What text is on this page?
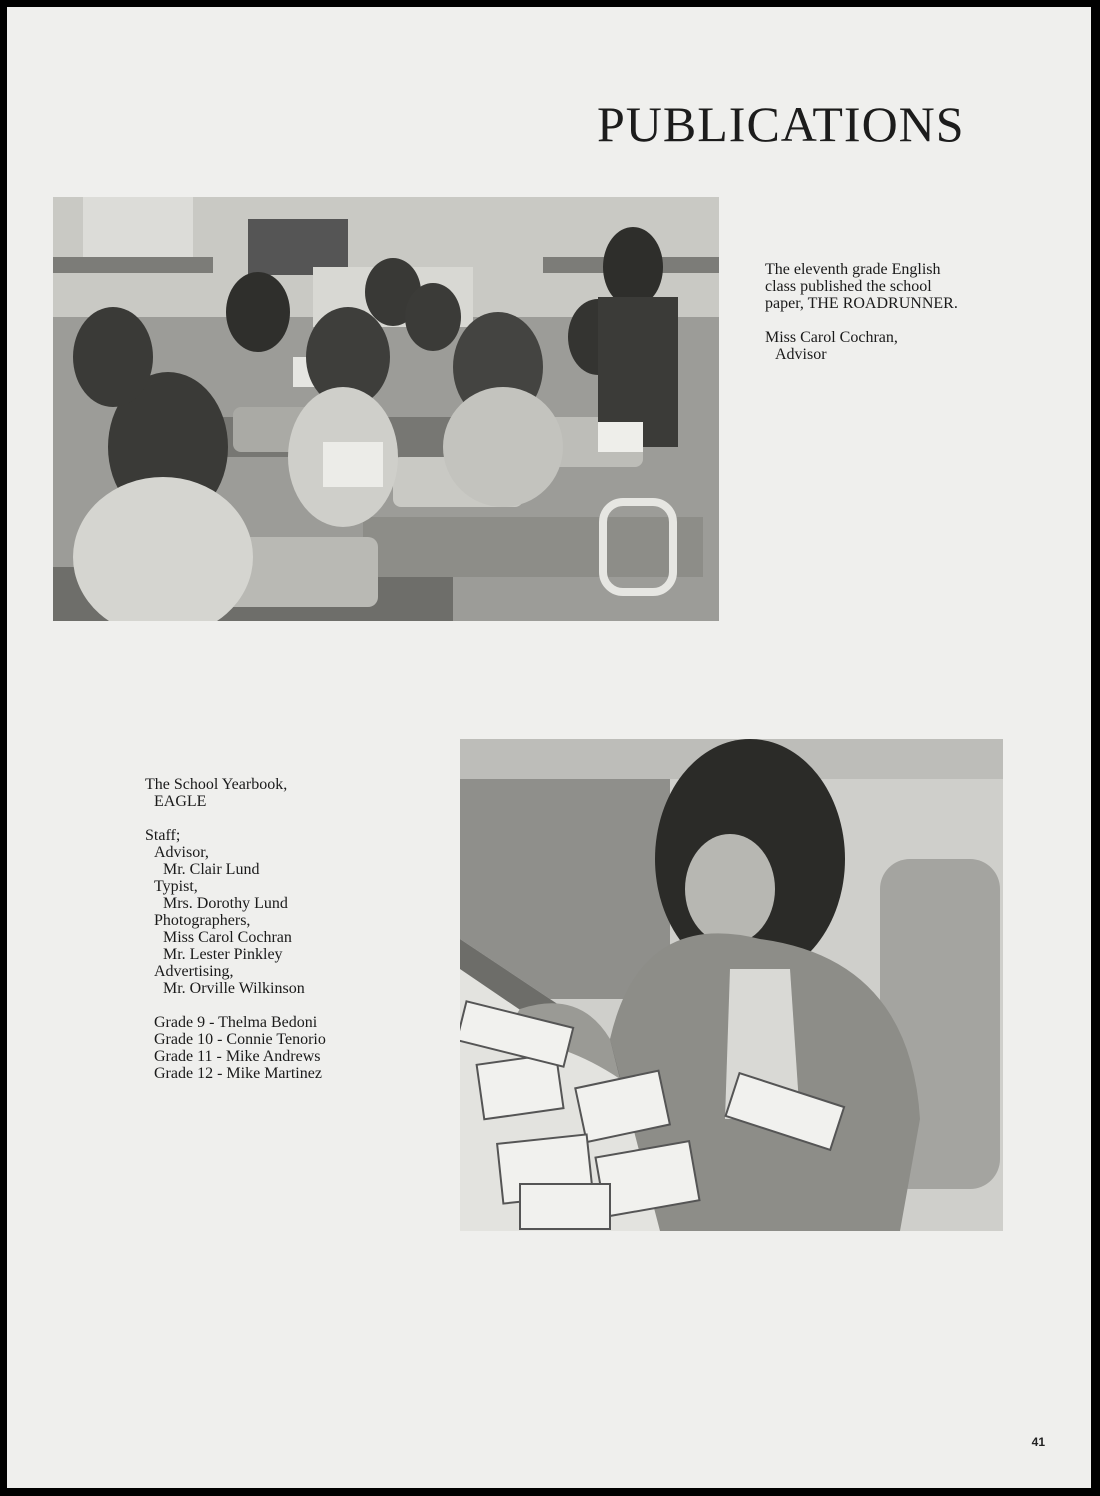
PUBLICATIONS

The eleventh grade English

class published the school

paper, THE ROADRUNNER.

Miss Carol Cochran,

Advisor

The School Yearbook,

EAGLE

Staff;

Advisor,

Mr. Clair Lund

Typist,

Mrs. Dorothy Lund

Photographers,

Miss Carol Cochran

Mr. Lester Pinkley

Advertising,

Mr. Orville Wilkinson

Grade 9 - Thelma Bedoni

Grade 10 - Connie Tenorio

Grade 11 - Mike Andrews

Grade 12 - Mike Martinez

41
